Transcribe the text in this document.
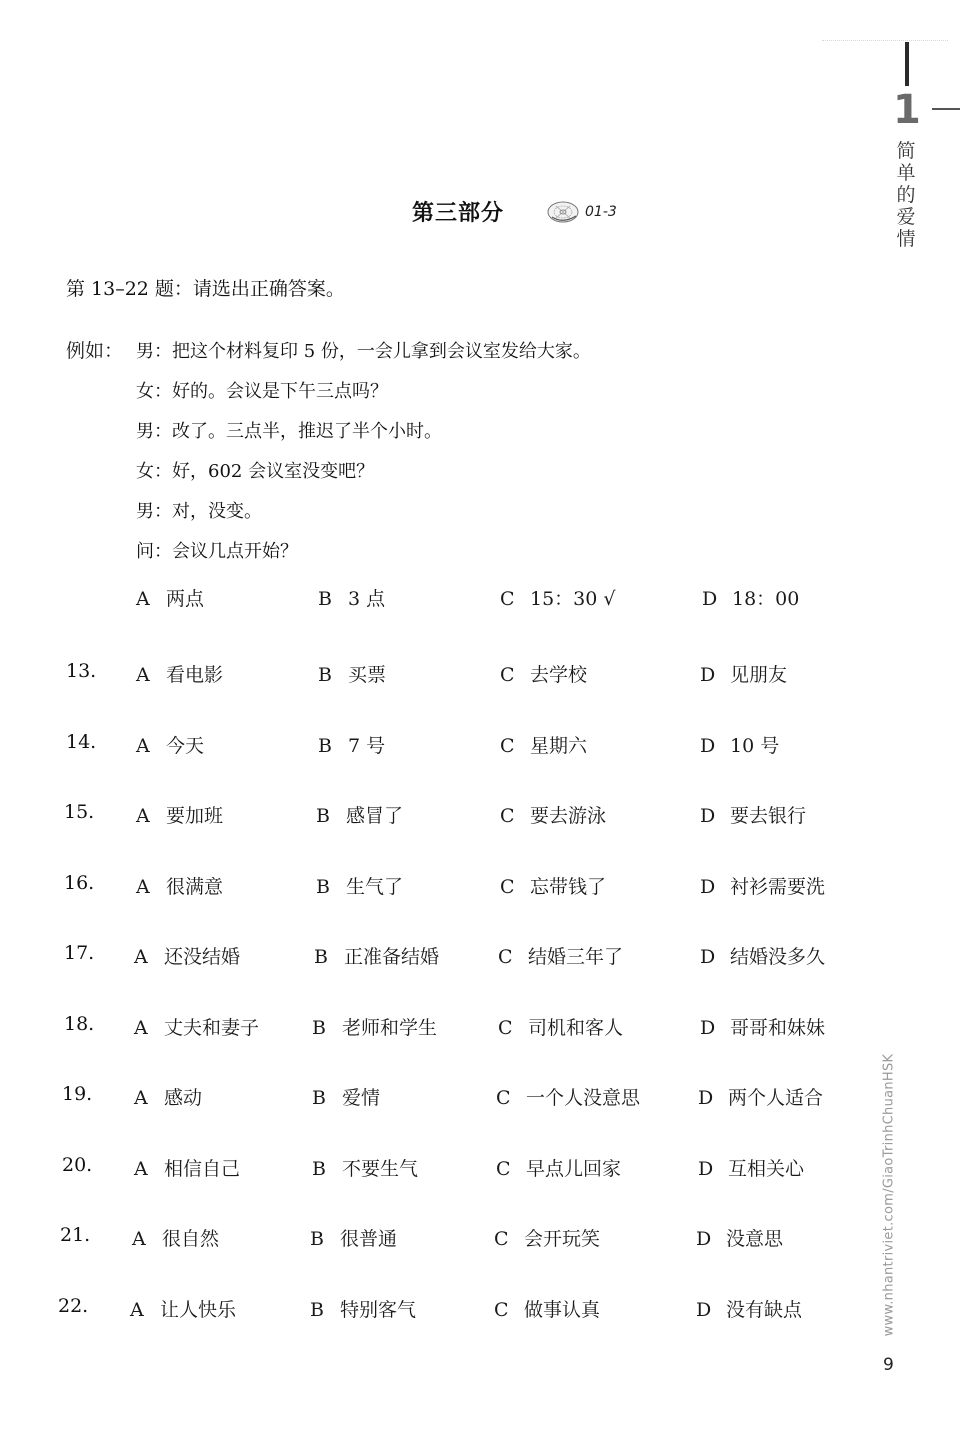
1
简单的爱情
第三部分	01-3
第 13–22 题：请选出正确答案。
例如： 男：把这个材料复印 5 份，一会儿拿到会议室发给大家。
女：好的。会议是下午三点吗？
男：改了。三点半，推迟了半个小时。
女：好，602 会议室没变吧？
男：对，没变。
问：会议几点开始？
A 两点	B 3 点	C 15：30 √	D 18：00
13. A 看电影	B 买票	C 去学校	D 见朋友
14. A 今天	B 7 号	C 星期六	D 10 号
15. A 要加班	B 感冒了	C 要去游泳	D 要去银行
16. A 很满意	B 生气了	C 忘带钱了	D 衬衫需要洗
17. A 还没结婚	B 正准备结婚	C 结婚三年了	D 结婚没多久
18. A 丈夫和妻子	B 老师和学生	C 司机和客人	D 哥哥和妹妹
19. A 感动	B 爱情	C 一个人没意思	D 两个人适合
20. A 相信自己	B 不要生气	C 早点儿回家	D 互相关心
21. A 很自然	B 很普通	C 会开玩笑	D 没意思
22. A 让人快乐	B 特别客气	C 做事认真	D 没有缺点	www.nhantriviet.com/GiaoTrinhChuanHSK
9
